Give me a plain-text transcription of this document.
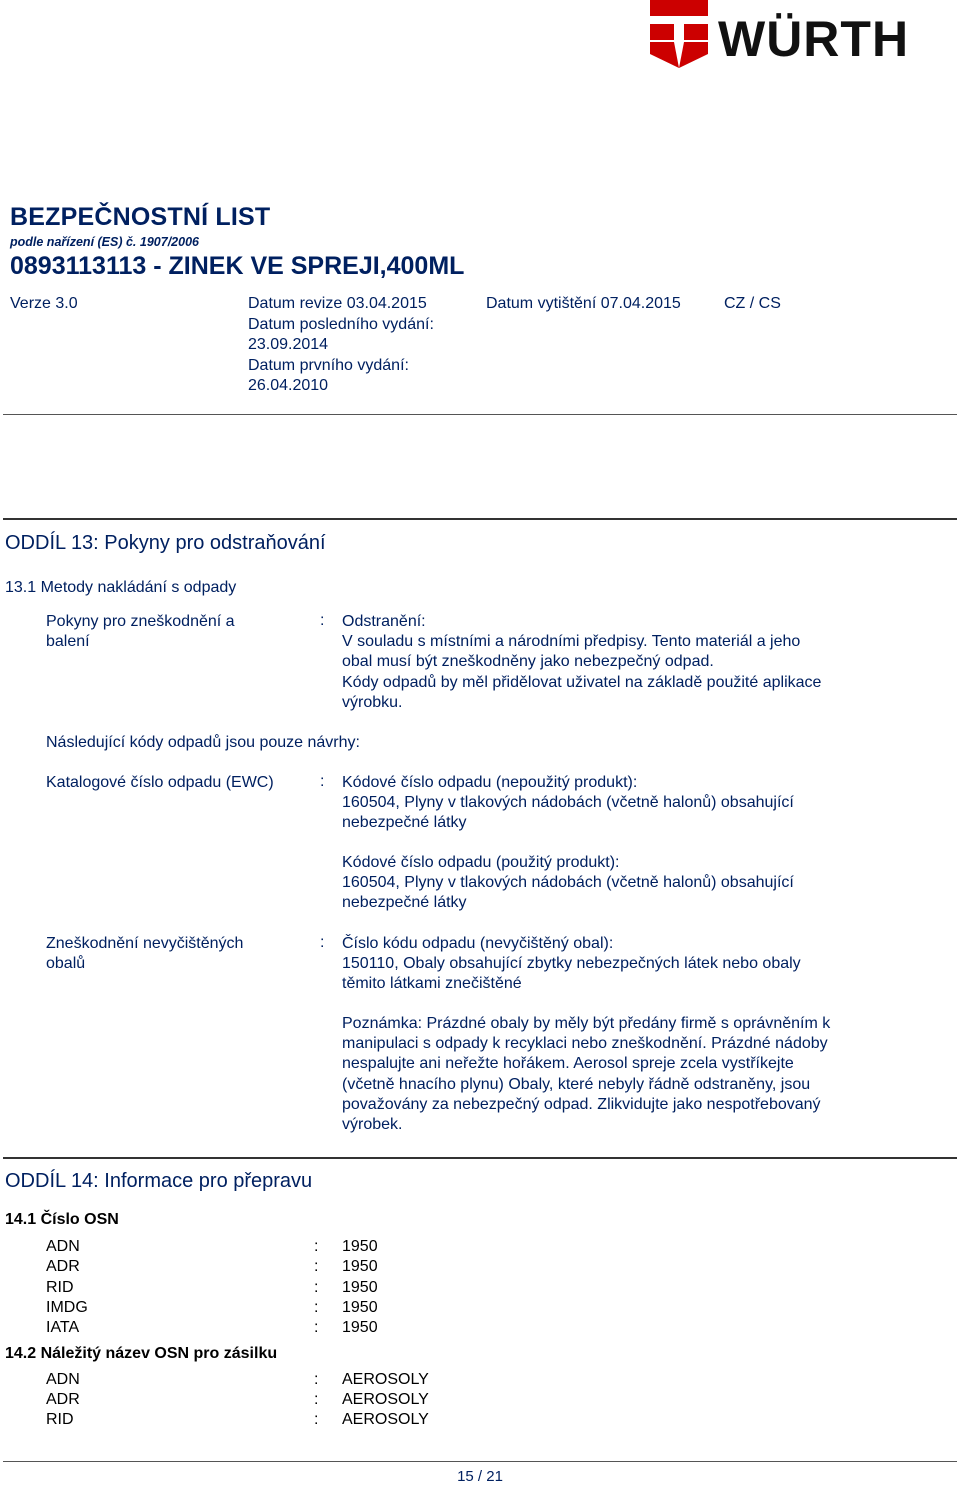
WÜRTH
BEZPEČNOSTNÍ LIST
podle nařízení (ES) č. 1907/2006
0893113113 - ZINEK VE SPREJI,400ML
Verze 3.0	Datum revize 03.04.2015
Datum posledního vydání:
23.09.2014
Datum prvního vydání:
26.04.2010
Datum vytištění 07.04.2015	CZ / CS
ODDÍL 13: Pokyny pro odstraňování
13.1 Metody nakládání s odpady
Pokyny pro zneškodnění a
balení
: Odstranění:
V souladu s místními a národními předpisy. Tento materiál a jeho
obal musí být zneškodněny jako nebezpečný odpad.
Kódy odpadů by měl přidělovat uživatel na základě použité aplikace
výrobku.
Následující kódy odpadů jsou pouze návrhy:
Katalogové číslo odpadu (EWC)	: Kódové číslo odpadu (nepoužitý produkt):
160504, Plyny v tlakových nádobách (včetně halonů) obsahující
nebezpečné látky
Kódové číslo odpadu (použitý produkt):
160504, Plyny v tlakových nádobách (včetně halonů) obsahující
nebezpečné látky
Zneškodnění nevyčištěných
obalů
: Číslo kódu odpadu (nevyčištěný obal):
150110, Obaly obsahující zbytky nebezpečných látek nebo obaly
těmito látkami znečištěné
Poznámka: Prázdné obaly by měly být předány firmě s oprávněním k
manipulaci s odpady k recyklaci nebo zneškodnění. Prázdné nádoby
nespalujte ani neřežte hořákem. Aerosol spreje zcela vystříkejte
(včetně hnacího plynu) Obaly, které nebyly řádně odstraněny, jsou
považovány za nebezpečný odpad. Zlikvidujte jako nespotřebovaný
výrobek.
ODDÍL 14: Informace pro přepravu
14.1 Číslo OSN
ADN	: 1950
ADR	: 1950
RID	: 1950
IMDG	: 1950
IATA	: 1950
14.2 Náležitý název OSN pro zásilku
ADN	: AEROSOLY
ADR	: AEROSOLY
RID	: AEROSOLY
15 / 21
